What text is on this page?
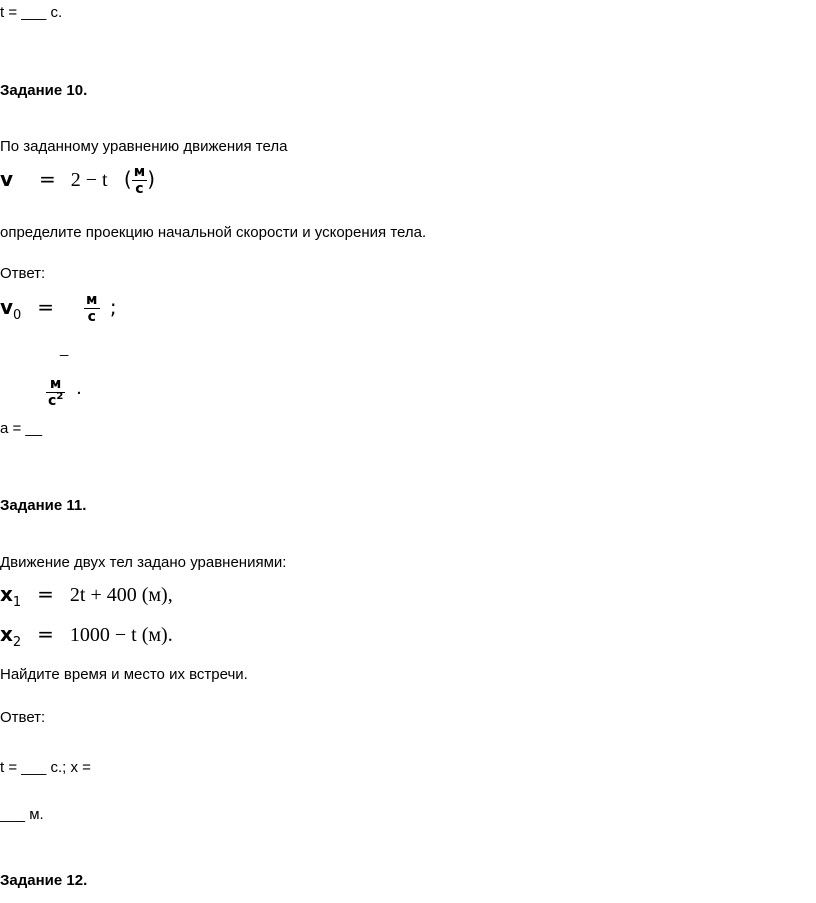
t = ___ с.
Задание 10.
По заданному уравнению движения тела
v = 2 − t ( $\frac{м}{с}$ )
определите проекцию начальной скорости и ускорения тела.
Ответ:
$v_0 = \frac{м}{с}$ ;
_
а = __
$\frac{м}{с^2}$ .
Задание 11.
Движение двух тел задано уравнениями:
$x_1 = 2t + 400$ (м),
$x_2 = 1000 - t$ (м).
Найдите время и место их встречи.
Ответ:
t = ___ с.; x =
___ м.
Задание 12.
